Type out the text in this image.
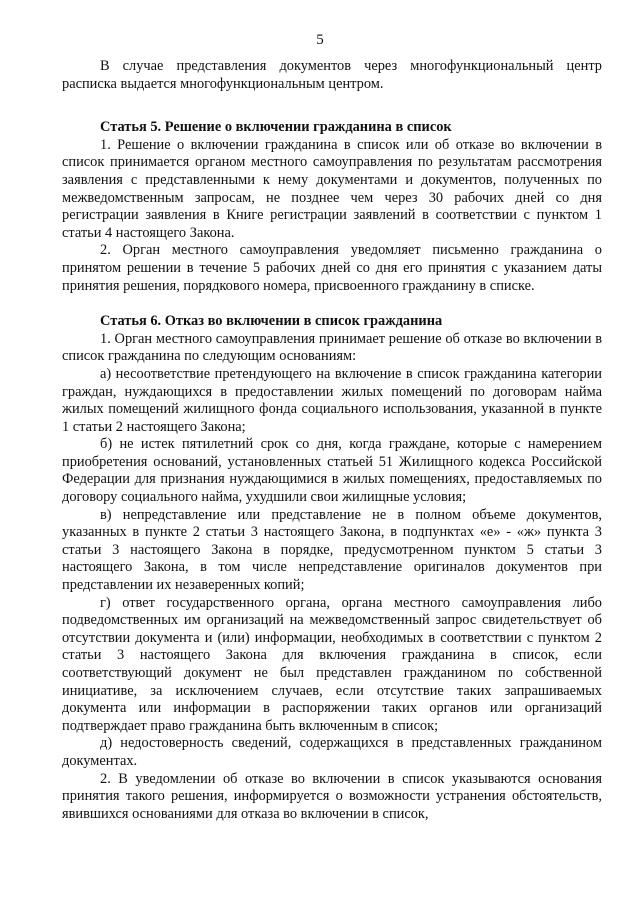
5

В случае представления документов через многофункциональный центр расписка выдается многофункциональным центром.

Статья 5. Решение о включении гражданина в список

1. Решение о включении гражданина в список или об отказе во включении в список принимается органом местного самоуправления по результатам рассмотрения заявления с представленными к нему документами и документов, полученных по межведомственным запросам, не позднее чем через 30 рабочих дней со дня регистрации заявления в Книге регистрации заявлений в соответствии с пунктом 1 статьи 4 настоящего Закона.

2. Орган местного самоуправления уведомляет письменно гражданина о принятом решении в течение 5 рабочих дней со дня его принятия с указанием даты принятия решения, порядкового номера, присвоенного гражданину в списке.

Статья 6. Отказ во включении в список гражданина

1. Орган местного самоуправления принимает решение об отказе во включении в список гражданина по следующим основаниям:

а) несоответствие претендующего на включение в список гражданина категории граждан, нуждающихся в предоставлении жилых помещений по договорам найма жилых помещений жилищного фонда социального использования, указанной в пункте 1 статьи 2 настоящего Закона;

б) не истек пятилетний срок со дня, когда граждане, которые с намерением приобретения оснований, установленных статьей 51 Жилищного кодекса Российской Федерации для признания нуждающимися в жилых помещениях, предоставляемых по договору социального найма, ухудшили свои жилищные условия;

в) непредставление или представление не в полном объеме документов, указанных в пункте 2 статьи 3 настоящего Закона, в подпунктах «е» - «ж» пункта 3 статьи 3 настоящего Закона в порядке, предусмотренном пунктом 5 статьи 3 настоящего Закона, в том числе непредставление оригиналов документов при представлении их незаверенных копий;

г) ответ государственного органа, органа местного самоуправления либо подведомственных им организаций на межведомственный запрос свидетельствует об отсутствии документа и (или) информации, необходимых в соответствии с пунктом 2 статьи 3 настоящего Закона для включения гражданина в список, если соответствующий документ не был представлен гражданином по собственной инициативе, за исключением случаев, если отсутствие таких запрашиваемых документа или информации в распоряжении таких органов или организаций подтверждает право гражданина быть включенным в список;

д) недостоверность сведений, содержащихся в представленных гражданином документах.

2. В уведомлении об отказе во включении в список указываются основания принятия такого решения, информируется о возможности устранения обстоятельств, явившихся основаниями для отказа во включении в список,
